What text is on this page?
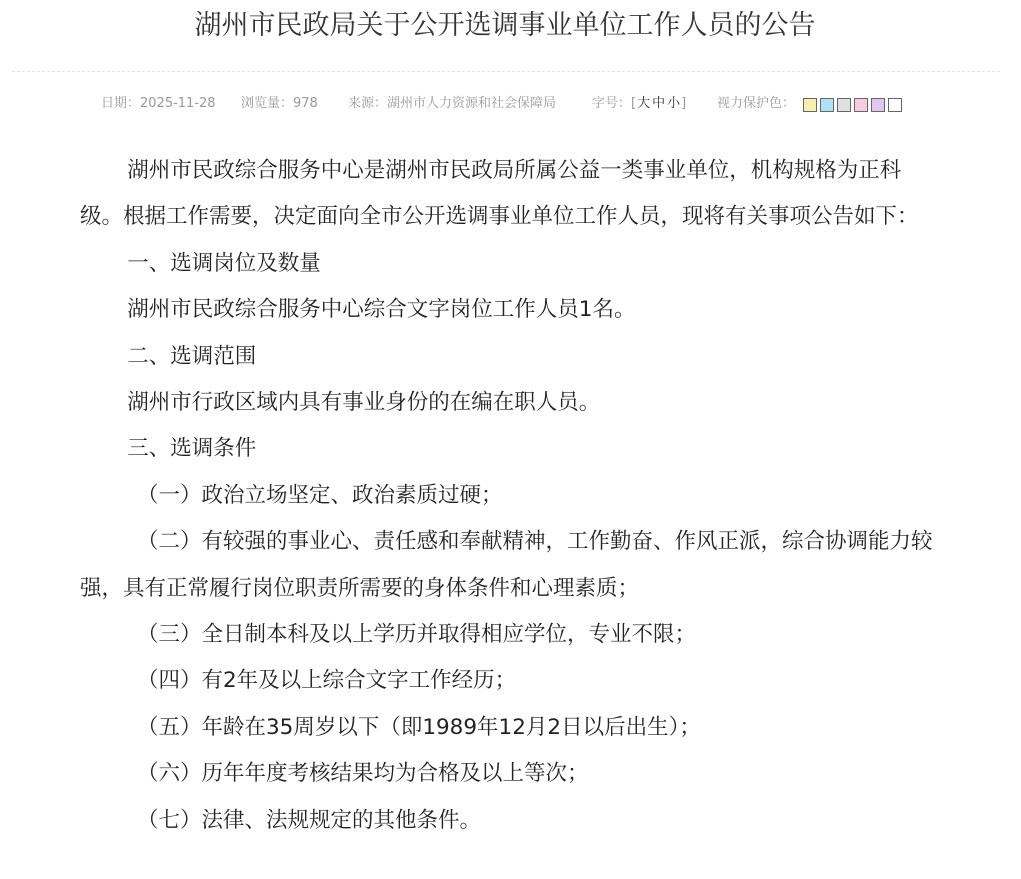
湖州市民政局关于公开选调事业单位工作人员的公告
日期：2025-11-28 浏览量：978 来源：湖州市人力资源和社会保障局	字号：[大 中 小] 视力保护色：

湖州市民政综合服务中心是湖州市民政局所属公益一类事业单位，机构规格为正科级。根据工作需要，决定面向全市公开选调事业单位工作人员，现将有关事项公告如下：

一、选调岗位及数量

湖州市民政综合服务中心综合文字岗位工作人员1名。

二、选调范围

湖州市行政区域内具有事业身份的在编在职人员。

三、选调条件

（一）政治立场坚定、政治素质过硬；

（二）有较强的事业心、责任感和奉献精神，工作勤奋、作风正派，综合协调能力较强，具有正常履行岗位职责所需要的身体条件和心理素质；

（三）全日制本科及以上学历并取得相应学位，专业不限；

（四）有2年及以上综合文字工作经历；

（五）年龄在35周岁以下（即1989年12月2日以后出生）；

（六）历年年度考核结果均为合格及以上等次；

（七）法律、法规规定的其他条件。
